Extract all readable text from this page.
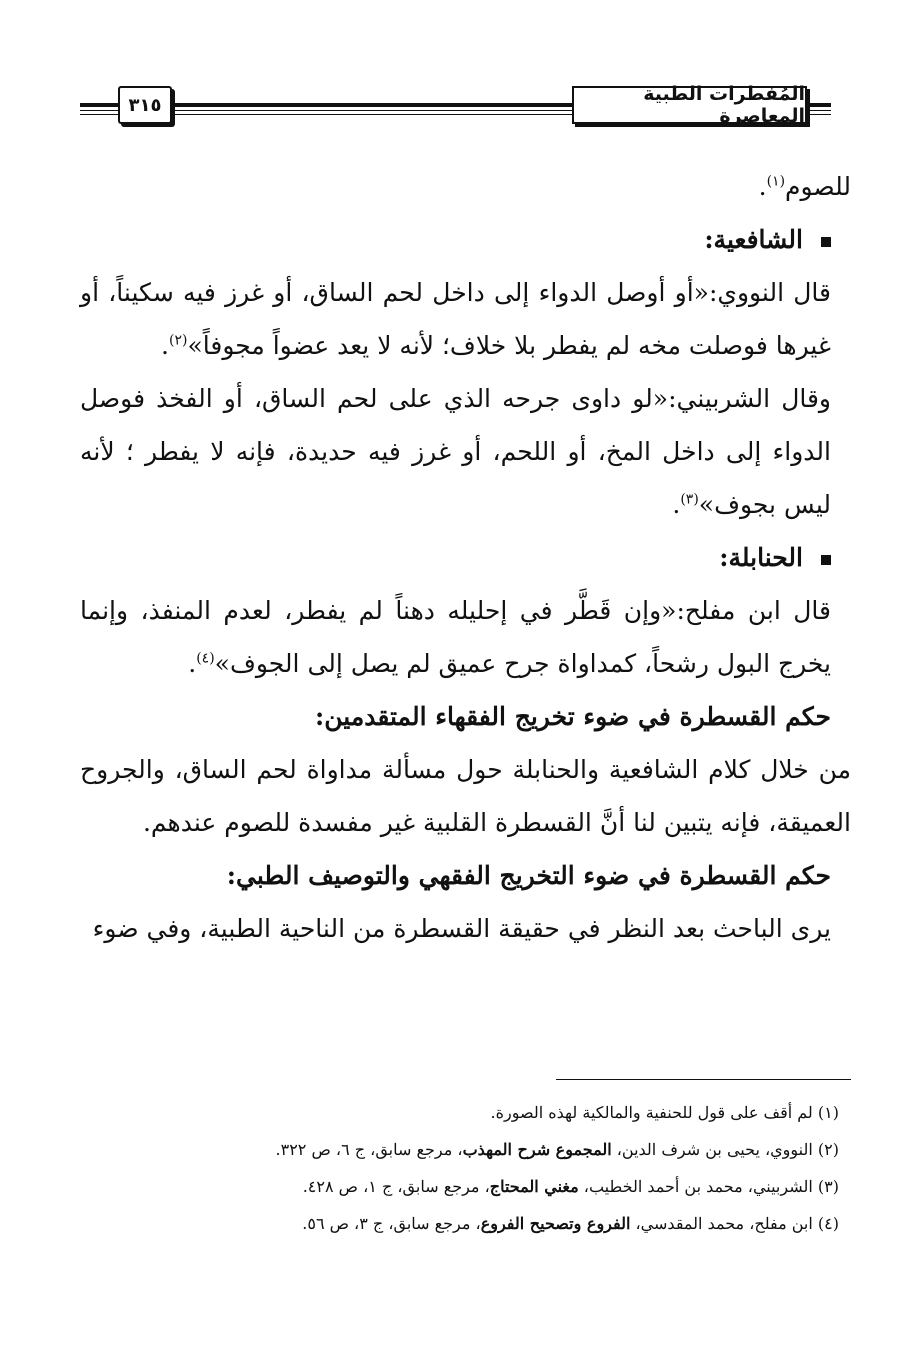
المُفطرات الطبية المعاصرة
٣١٥

للصوم$^{(١)}$.

الشافعية:

قال النووي:«أو أوصل الدواء إلى داخل لحم الساق، أو غرز فيه سكيناً، أو غيرها فوصلت مخه لم يفطر بلا خلاف؛ لأنه لا يعد عضواً مجوفاً»$^{(٢)}$.

وقال الشربيني:«لو داوى جرحه الذي على لحم الساق، أو الفخذ فوصل الدواء إلى داخل المخ، أو اللحم، أو غرز فيه حديدة، فإنه لا يفطر ؛ لأنه ليس بجوف»$^{(٣)}$.

الحنابلة:

قال ابن مفلح:«وإن قَطَّر في إحليله دهناً لم يفطر، لعدم المنفذ، وإنما يخرج البول رشحاً، كمداواة جرح عميق لم يصل إلى الجوف»$^{(٤)}$.

حكم القسطرة في ضوء تخريج الفقهاء المتقدمين:

من خلال كلام الشافعية والحنابلة حول مسألة مداواة لحم الساق، والجروح العميقة، فإنه يتبين لنا أنَّ القسطرة القلبية غير مفسدة للصوم عندهم.

حكم القسطرة في ضوء التخريج الفقهي والتوصيف الطبي:

يرى الباحث بعد النظر في حقيقة القسطرة من الناحية الطبية، وفي ضوء

(١) لم أقف على قول للحنفية والمالكية لهذه الصورة.

(٢) النووي، يحيى بن شرف الدين، المجموع شرح المهذب، مرجع سابق، ج ٦، ص ٣٢٢.

(٣) الشربيني، محمد بن أحمد الخطيب، مغني المحتاج، مرجع سابق، ج ١، ص ٤٢٨.

(٤) ابن مفلح، محمد المقدسي، الفروع وتصحيح الفروع، مرجع سابق، ج ٣، ص ٥٦.
